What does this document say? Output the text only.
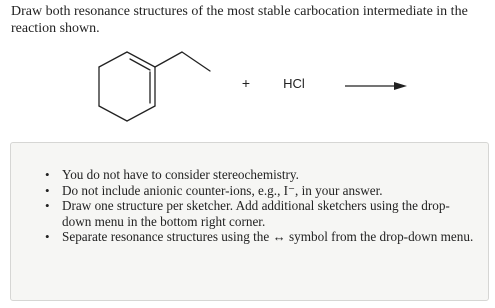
Draw both resonance structures of the most stable carbocation intermediate in the reaction shown.

+	HCl
• You do not have to consider stereochemistry.
• Do not include anionic counter-ions, e.g., I⁻, in your answer.
• Draw one structure per sketcher. Add additional sketchers using the drop-down menu in the bottom right corner.
• Separate resonance structures using the ↔ symbol from the drop-down menu.
